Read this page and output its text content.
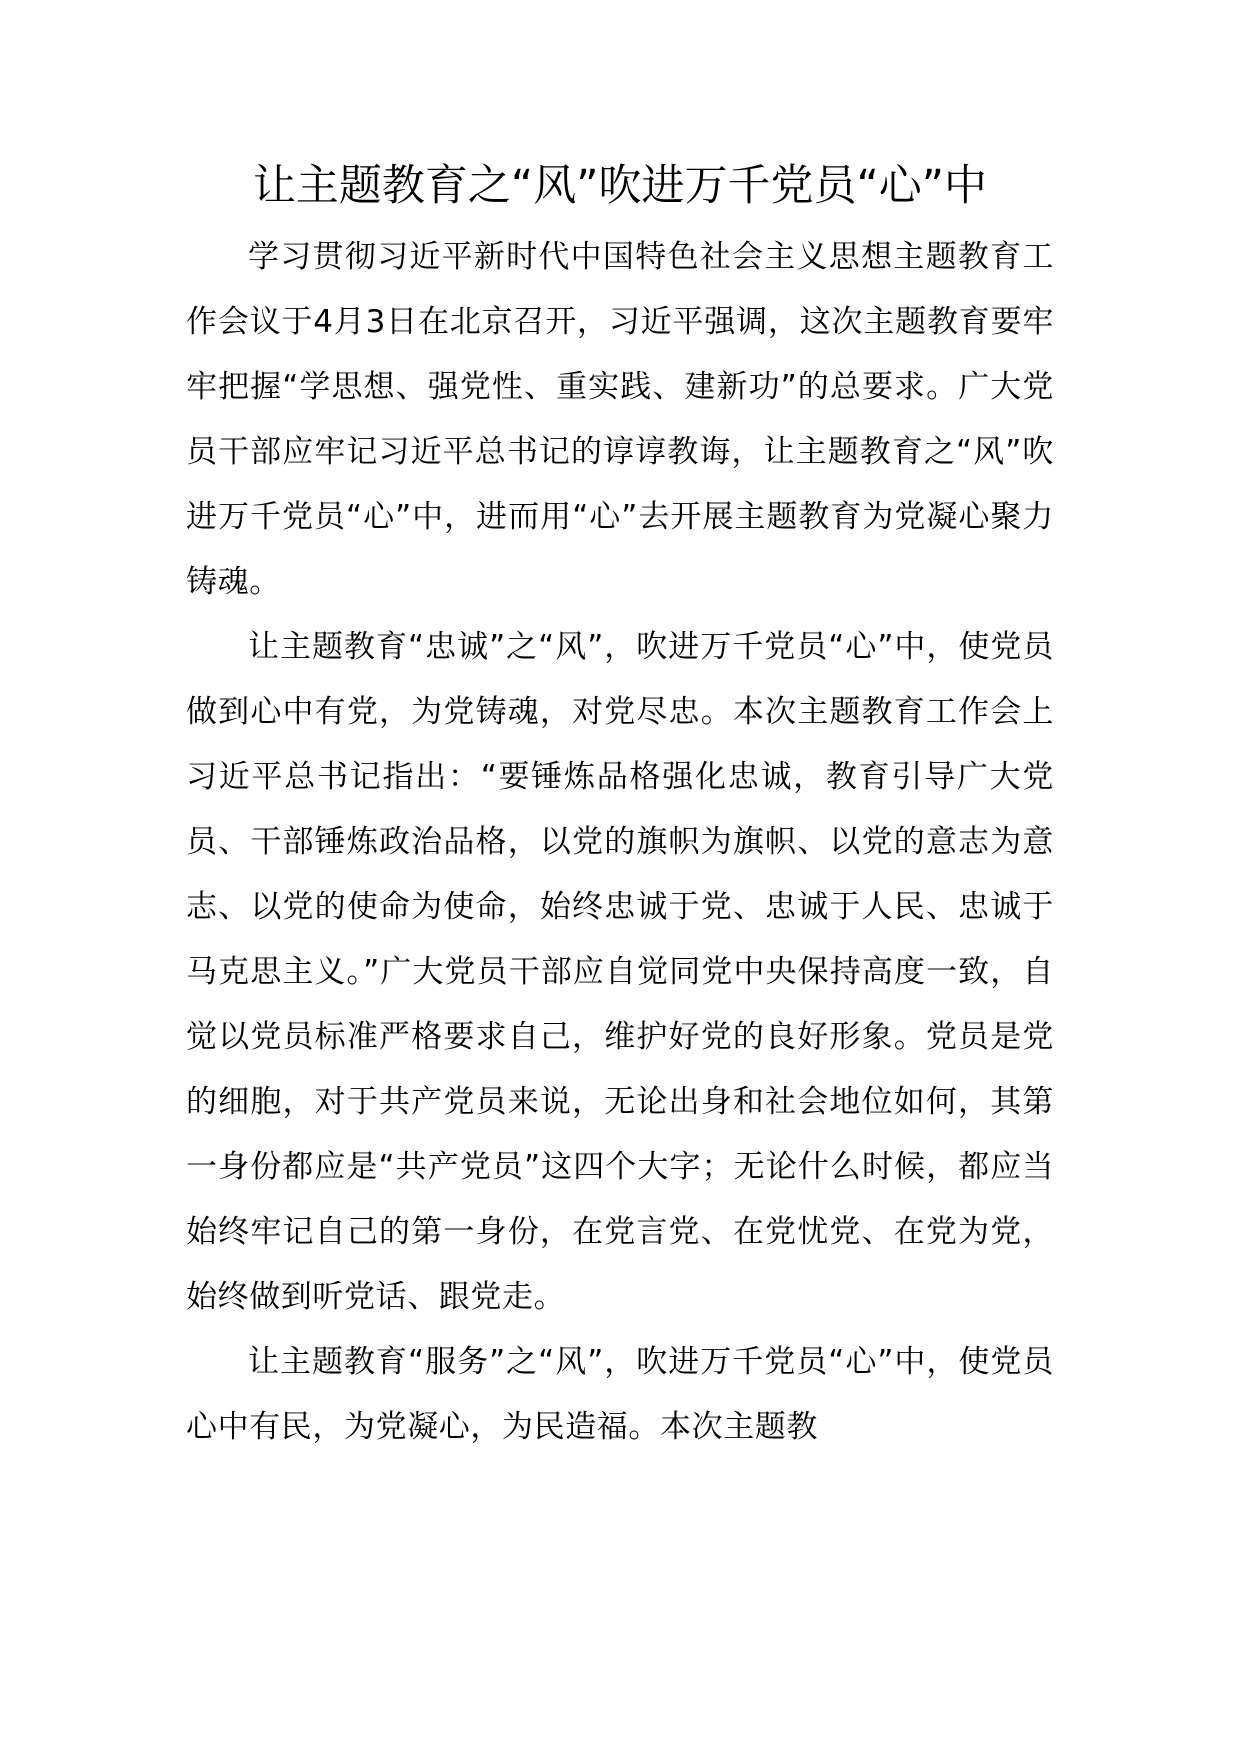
让主题教育之“风”吹进万千党员“心”中

学习贯彻习近平新时代中国特色社会主义思想主题教育工作会议于4月3日在北京召开，习近平强调，这次主题教育要牢牢把握“学思想、强党性、重实践、建新功”的总要求。广大党员干部应牢记习近平总书记的谆谆教诲，让主题教育之“风”吹进万千党员“心”中，进而用“心”去开展主题教育为党凝心聚力铸魂。

让主题教育“忠诚”之“风”，吹进万千党员“心”中，使党员做到心中有党，为党铸魂，对党尽忠。本次主题教育工作会上习近平总书记指出：“要锤炼品格强化忠诚，教育引导广大党员、干部锤炼政治品格，以党的旗帜为旗帜、以党的意志为意志、以党的使命为使命，始终忠诚于党、忠诚于人民、忠诚于马克思主义。”广大党员干部应自觉同党中央保持高度一致，自觉以党员标准严格要求自己，维护好党的良好形象。党员是党的细胞，对于共产党员来说，无论出身和社会地位如何，其第一身份都应是“共产党员”这四个大字；无论什么时候，都应当始终牢记自己的第一身份，在党言党、在党忧党、在党为党，始终做到听党话、跟党走。

让主题教育“服务”之“风”，吹进万千党员“心”中，使党员心中有民，为党凝心，为民造福。本次主题教
